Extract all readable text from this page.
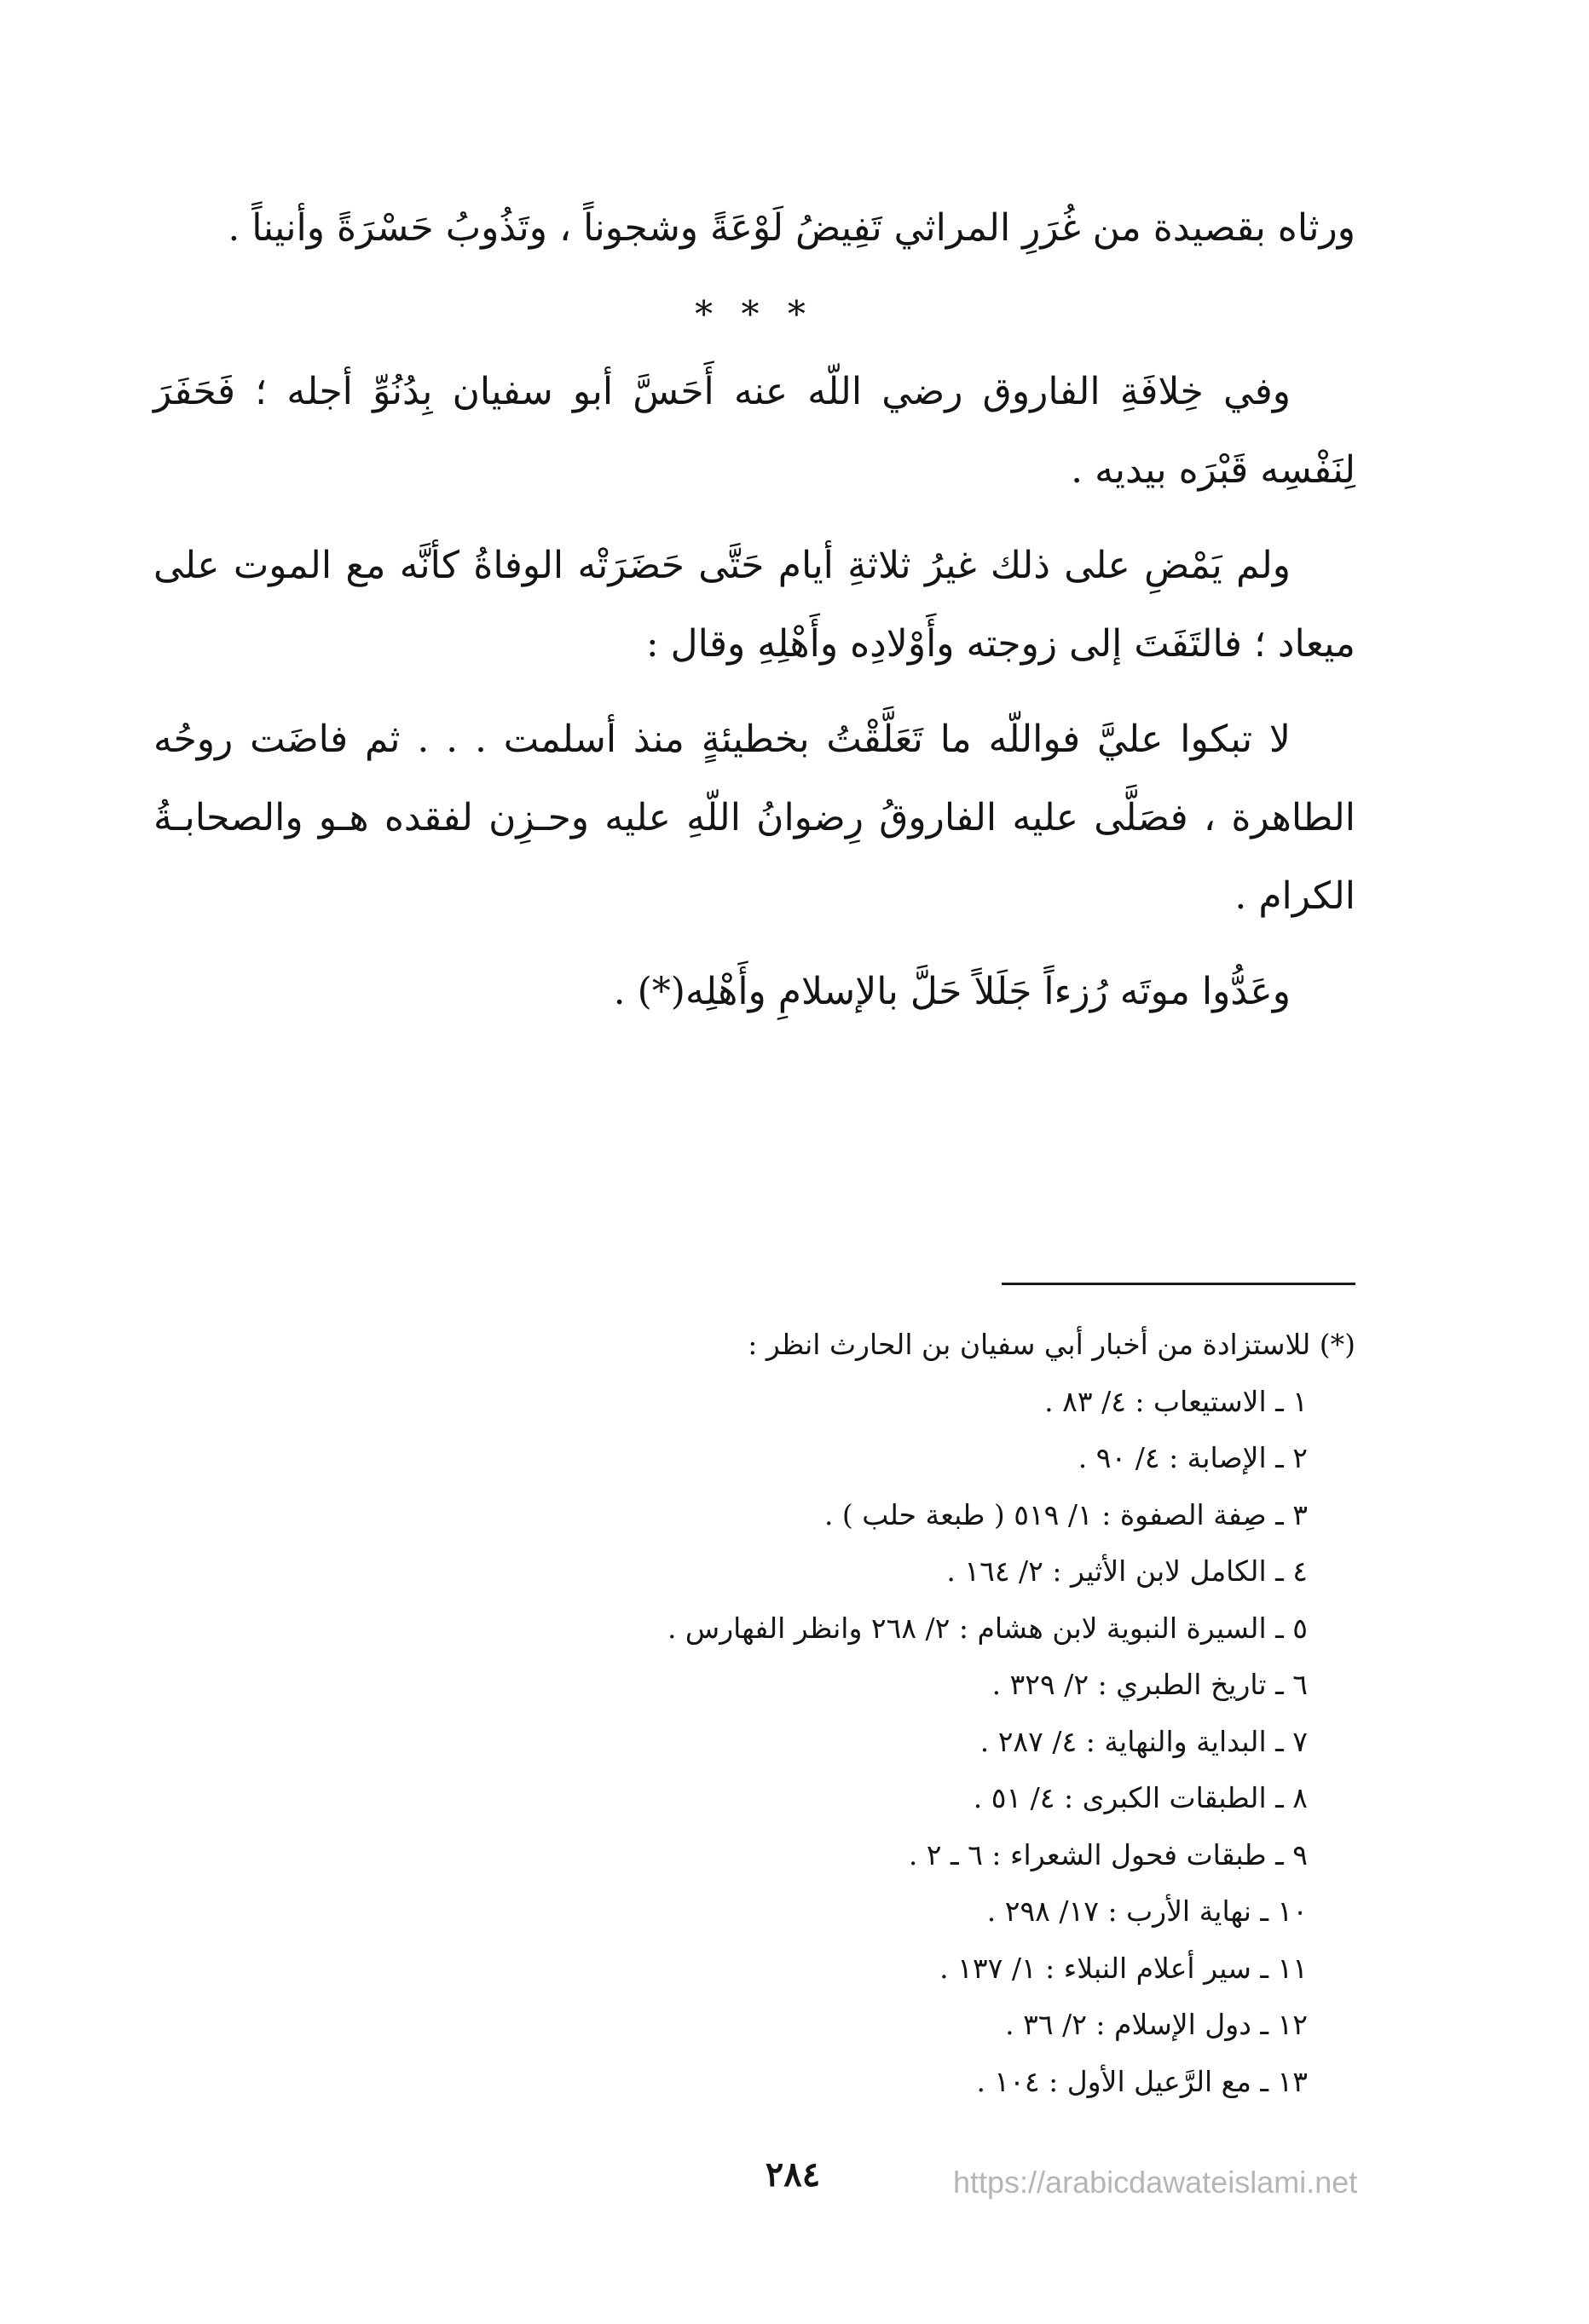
ورثاه بقصيدة من غُرَرِ المراثي تَفِيضُ لَوْعَةً وشجوناً ، وتَذُوبُ حَسْرَةً وأنيناً .

* * *

وفي خِلافَةِ الفاروق رضي اللّه عنه أَحَسَّ أبو سفيان بِدُنُوِّ أجله ؛ فَحَفَرَ لِنَفْسِه قَبْرَه بيديه .

ولم يَمْضِ على ذلك غيرُ ثلاثةِ أيام حَتَّى حَضَرَتْه الوفاةُ كأنَّه مع الموت على ميعاد ؛ فالتَفَتَ إلى زوجته وأَوْلادِه وأَهْلِهِ وقال :

لا تبكوا عليَّ فواللّه ما تَعَلَّقْتُ بخطيئةٍ منذ أسلمت . . . ثم فاضَت روحُه الطاهرة ، فصَلَّى عليه الفاروقُ رِضوانُ اللّهِ عليه وحـزِن لفقده هـو والصحابـةُ الكرام .

وعَدُّوا موتَه رُزءاً جَلَلاً حَلَّ بالإسلامِ وأَهْلِه(*) .

(*) للاستزادة من أخبار أبي سفيان بن الحارث انظر :
١ ـ الاستيعاب : ٤/ ٨٣ .
٢ ـ الإصابة : ٤/ ٩٠ .
٣ ـ صِفة الصفوة : ١/ ٥١٩ ( طبعة حلب ) .
٤ ـ الكامل لابن الأثير : ٢/ ١٦٤ .
٥ ـ السيرة النبوية لابن هشام : ٢/ ٢٦٨ وانظر الفهارس .
٦ ـ تاريخ الطبري : ٢/ ٣٢٩ .
٧ ـ البداية والنهاية : ٤/ ٢٨٧ .
٨ ـ الطبقات الكبرى : ٤/ ٥١ .
٩ ـ طبقات فحول الشعراء : ٦ ـ ٢ .
١٠ ـ نهاية الأرب : ١٧/ ٢٩٨ .
١١ ـ سير أعلام النبلاء : ١/ ١٣٧ .
١٢ ـ دول الإسلام : ٢/ ٣٦ .
١٣ ـ مع الرَّعيل الأول : ١٠٤ .
٢٨٤	https://arabicdawateislami.net
